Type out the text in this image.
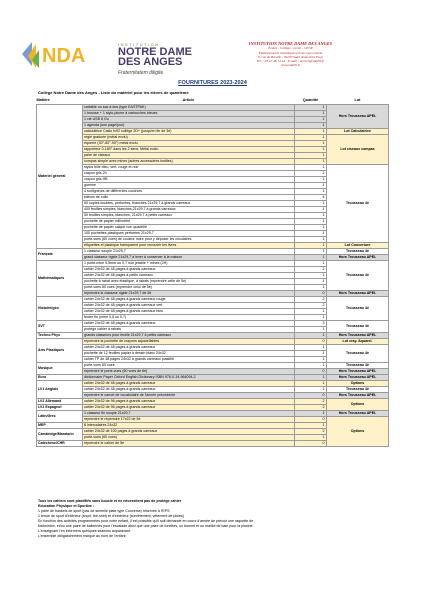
NDA
INSTITUTION
NOTRE DAME
DES ANGES
Fraternitatem diligite
INSTITUTION NOTRE DAME DES ANGES
Écoles - Collège - Lycée - CPGE
Établissements catholiques privés sous contrat
6, rue du Brisille - 59230 Saint Amand les Eaux
Tél. : 03 27 48 14 44 - E-mail : accueil@nda59.fr
www.nda59.fr
FOURNITURES 2023-2024
Collège Notre Dame des Anges - Liste du matériel pour les élèves de quatrième
Matière	Article	Quantité	Lot
Matériel général	cartable ou sac à dos (type EASTPAK)	1	Hors Trousseau APEL
	1 trousse + 1 stylo-plume à cartouches bleues	1	
	1 clé USB 8 Go	1	
	1 agenda (une page/jour)	1	
	calculatrice Casio fx92 collège 2D+ (jusqu'en fin de 3è)	1	Lot Calculatrice
	règle graduée (métal exclu)	1	Lot ciseaux compas
	équerre (30°-60°-90°) métal exclu	1	
	rapporteur 0-180° dans les 2 sens. Métal exclu	1	
	paire de ciseaux	1	
	compas simple avec mines (autres accessoires inutiles)	1	
	stylos bille bleu, vert, rouge et noir	1	Trousseau 4è
	crayon gris 2h	2	
	crayon gris HB	1	
	gomme	1	
	4 surligneurs de différentes couleurs	1	
	bâtons de colle	4	
	50 copies doubles, perforées, blanches 21x29,7 à grands carreaux	1	
	400 feuilles simples, blanches,21x29,7 à grands carreaux	1	
	50 feuilles simples, blanches, 21x29,7 à petits carreaux	1	
	pochette de papier millimétré	1	
	pochette de papier calque non quadrillé	1	
	100 pochettes plastiques perforées 21x29,7	1	
	porte-vues (60 vues) de couleur noire pour y déposer les circulaires	1	
	étiquettes et plastique transparent pour recouvrir les livres	1	Lot Couverture
Français	1 classeur souple 21x29,7	1	Trousseau 4è
	grand classeur rigide 21x29,7 à lever à conserver à la maison	1	Hors Trousseau APEL
Mathématiques	1 porte-mine 0,5mm ou 0,7 non jetable + mines (2H)	1	Trousseau 4è
	cahier 24x32 de 48 pages à grands carreaux	2	
	cahier 24x32 de 48 pages à petits carreaux	1	
	pochette à rabat avec élastique, à rabats (reprendre celle de 5e)	1	
	porte-vues 60 vues (reprendre celui de 5è)	1	
	reprendre le classeur rigide 21x29,7 de 5è	0	Hors Trousseau APEL
Histoire/géo	cahier 24x32 de 48 pages à grands carreaux rouge	2	Trousseau 4è
	cahier 24x32 de 48 pages à grands carreaux vert	2	
	cahier 24x32 de 48 pages à grands carreaux bleu	1	
	feutre fin (mine 0,5 ou 0,7)	1	
SVT	cahier 24x32 de 48 pages à grands carreaux	3	Trousseau 4è
	protège cahier à rabats	1	
Techno Phys	grands classeurs pour feuille 21x29,7 à petits carreaux	1	Hors Trousseau APEL
Arts Plastiques	reprendre la pochette de crayons aquarellables	0	Lot cray. Aquarel.
	cahier 24x32 de 48 pages à grands carreaux	1	Trousseau 4è
	pochette de 12 feuilles papier à dessin blanc 24x32	1	
	cahier TP de 48 pages 24x32 à grands carreaux plastifié	1	
Musique	porte-vues 60 vues	1	Trousseau 4è
	reprendre le porte-vues (60 vues de 6è)	0	Hors Trousseau APEL
Euro	dictionnaire Paper Oxford English Dictionary ISBN 978-0-19-964094-2	1	Hors Trousseau APEL
LV1 Anglais	cahier 24x32 de 48 pages à grands carreaux	1	Options
	cahier 24x32 de 48 pages à grands carreaux	1	Trousseau 4è
	reprendre le carnet de vocabulaire de l'année précédente	0	Hors Trousseau APEL
LV2 Allemand	cahier 24x32 de 96 pages à grands carreaux	2	Options
LV2 Espagnol	cahier 24x32 de 96 pages à grands carreaux	2	
Latin/Grec	1 classeur fin souple 21x29,7	1	Hors Trousseau APEL
	reprendre le répertoire 17x22 de 5è	0	Options
MEP	6 intercalaires 24x32	1	
Cambridge/Mandarin	cahier 24x32 de 100 pages à grands carreaux	2	
	porte-vues (60 vues)	1	
Catéchèse/CHR	reprendre le cahier de 5è	0	
Tous les cahiers sont plastifiés sans boucle et ne nécessitent pas de protège cahier
Education Physique et Sportive :
1 paire de baskets de sport (pas de semelle plate type Converse) réservée à l'EPS
1 tenue de sport d'intérieur (short, tee-shirt) et d'extérieur (survêtement, vêtement de pluies)
En fonction des activités programmées pour votre enfant, il est possible qu'il soit demandé en cours d'année de prévoir une raquette de
badminton, et/ou une paire de ballerines pour l'escalade ainsi que une paire de lunettes, un bonnet et un maillot de bain pour la piscine.
L'enseignant l'en informera quelques séances auparavant.
L'ensemble obligatoirement marqué au nom de l'enfant.
